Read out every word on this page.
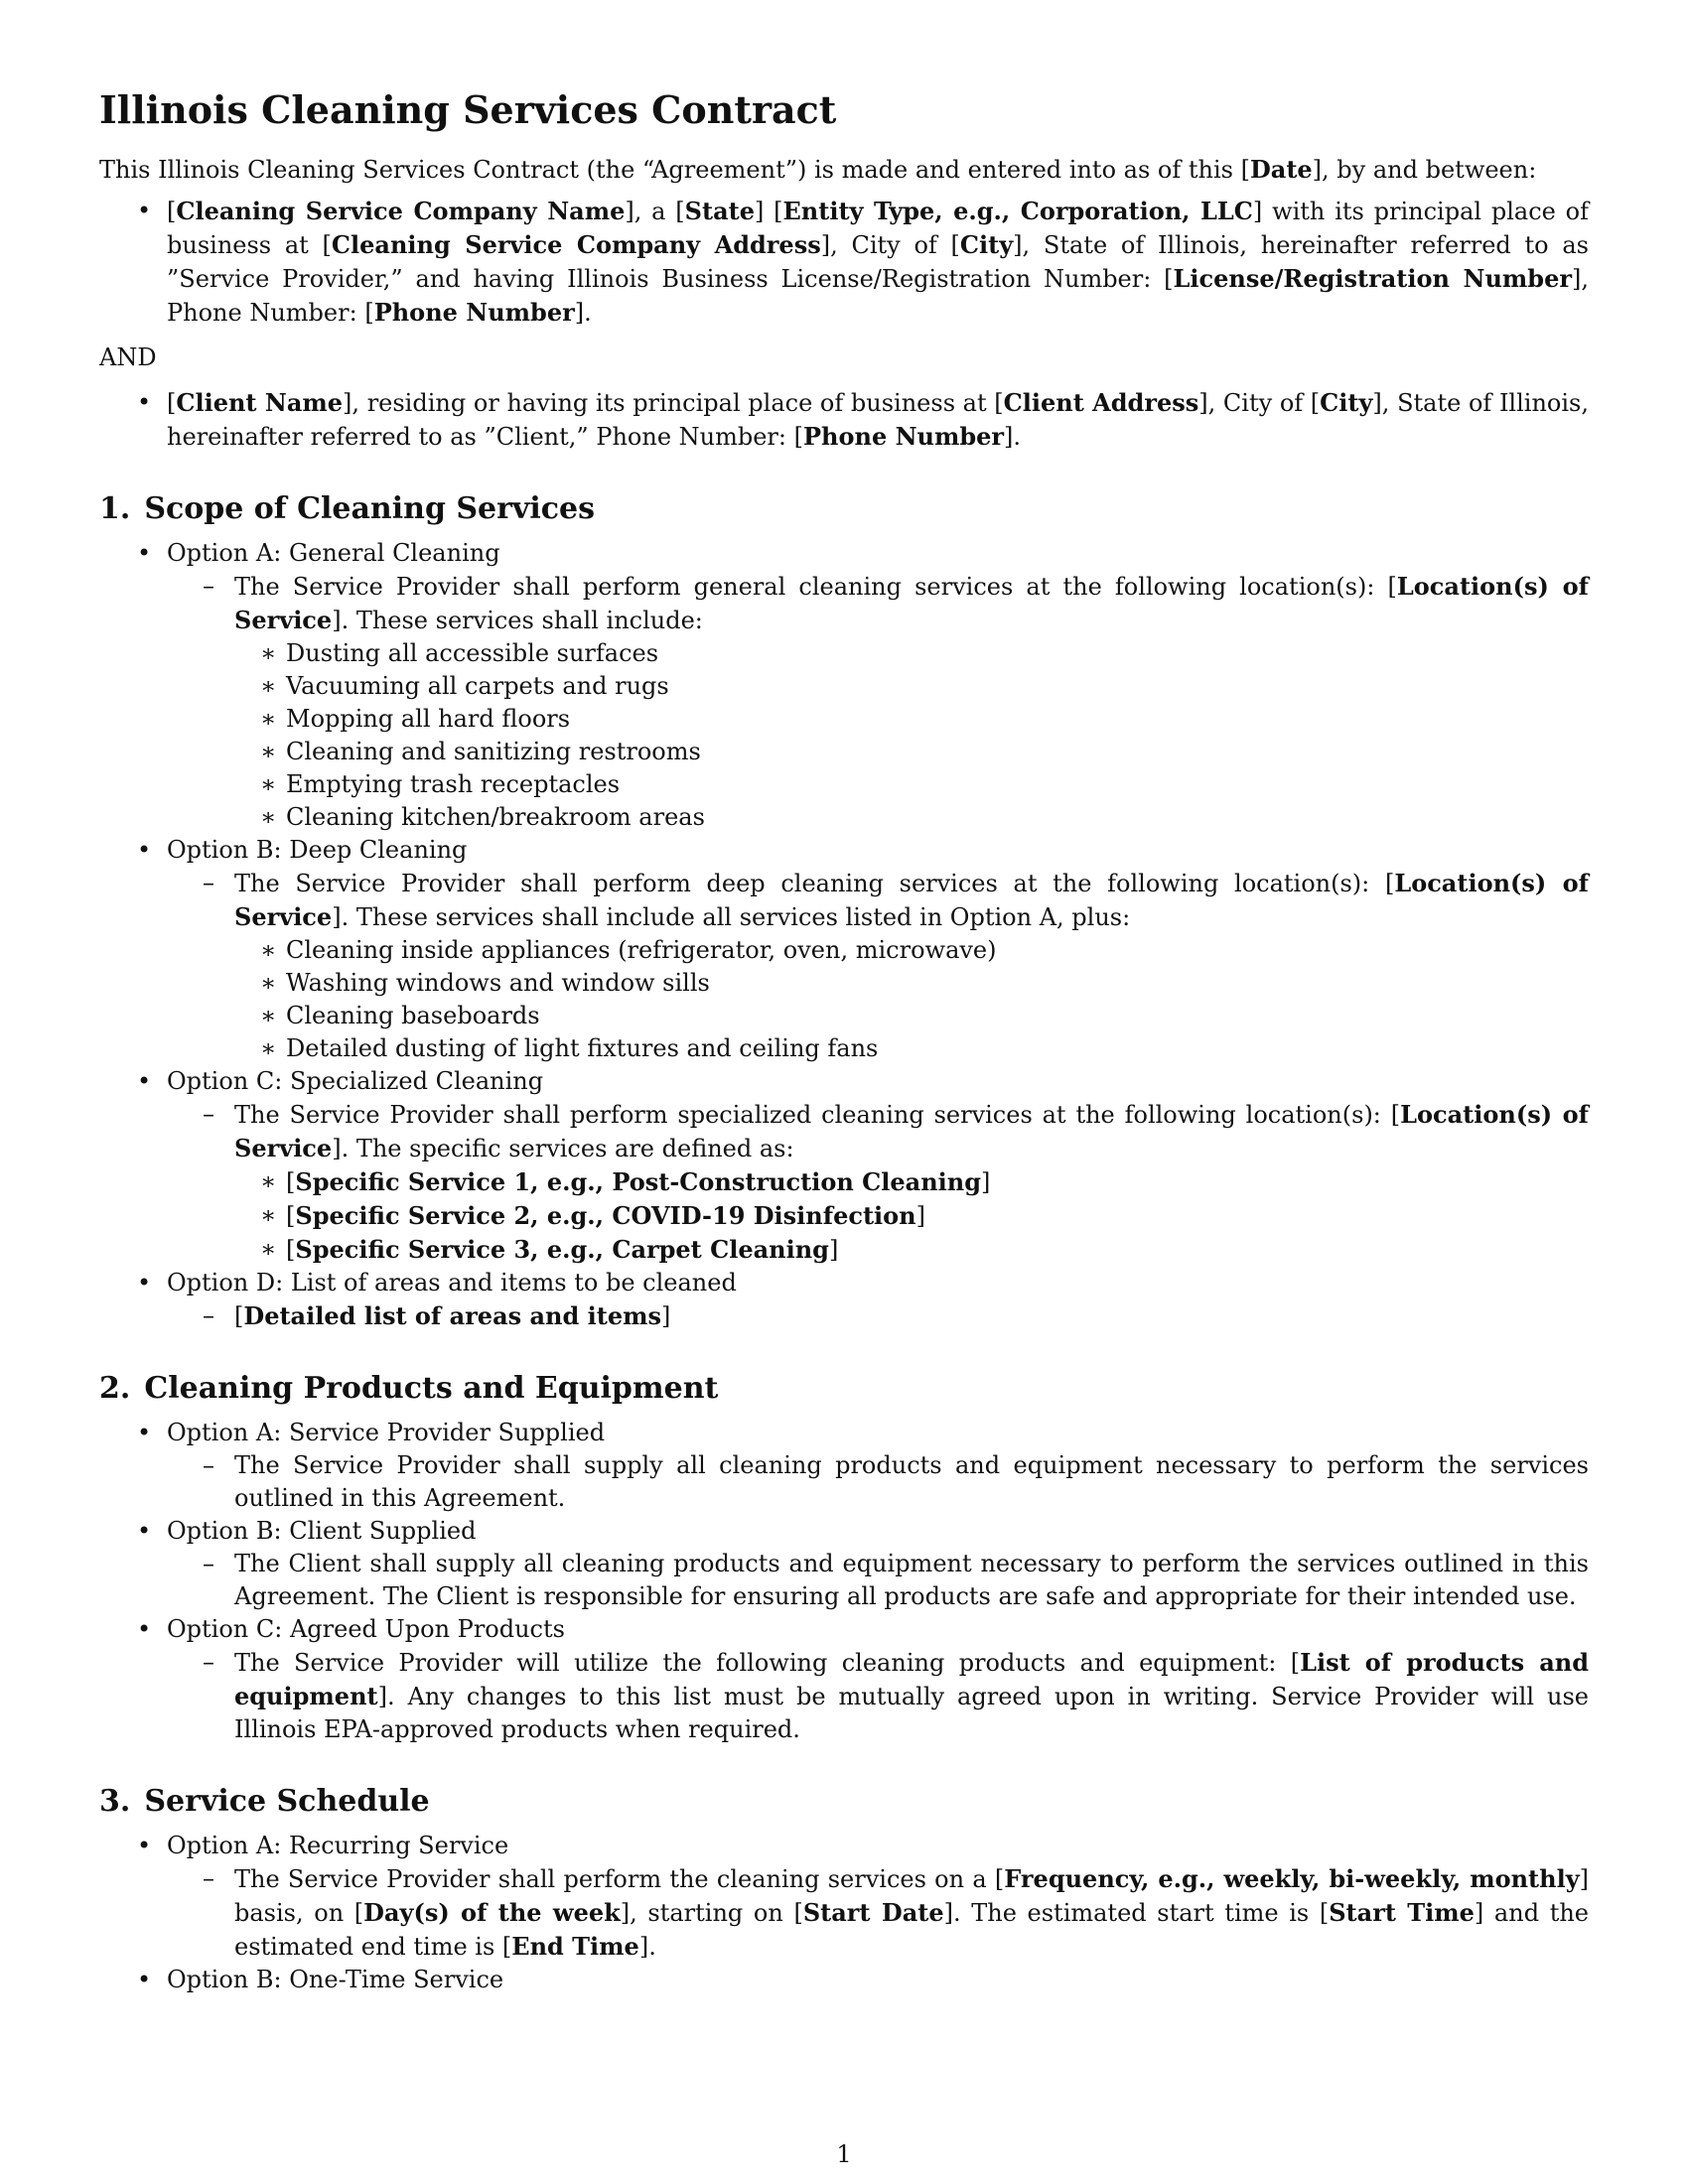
Illinois Cleaning Services Contract

This Illinois Cleaning Services Contract (the “Agreement”) is made and entered into as of this [Date], by and between:

• [Cleaning Service Company Name], a [State] [Entity Type, e.g., Corporation, LLC] with its principal place of business at [Cleaning Service Company Address], City of [City], State of Illinois, hereinafter referred to as ”Service Provider,” and having Illinois Business License/Registration Number: [License/Registration Number], Phone Number: [Phone Number].

AND

• [Client Name], residing or having its principal place of business at [Client Address], City of [City], State of Illinois, hereinafter referred to as ”Client,” Phone Number: [Phone Number].
1. Scope of Cleaning Services
• Option A: General Cleaning
– The Service Provider shall perform general cleaning services at the following location(s): [Location(s) of Service]. These services shall include:
∗ Dusting all accessible surfaces
∗ Vacuuming all carpets and rugs
∗ Mopping all hard floors
∗ Cleaning and sanitizing restrooms
∗ Emptying trash receptacles
∗ Cleaning kitchen/breakroom areas
• Option B: Deep Cleaning
– The Service Provider shall perform deep cleaning services at the following location(s): [Location(s) of Service]. These services shall include all services listed in Option A, plus:
∗ Cleaning inside appliances (refrigerator, oven, microwave)
∗ Washing windows and window sills
∗ Cleaning baseboards
∗ Detailed dusting of light fixtures and ceiling fans
• Option C: Specialized Cleaning
– The Service Provider shall perform specialized cleaning services at the following location(s): [Location(s) of Service]. The specific services are defined as:
∗ [Specific Service 1, e.g., Post-Construction Cleaning]
∗ [Specific Service 2, e.g., COVID-19 Disinfection]
∗ [Specific Service 3, e.g., Carpet Cleaning]
• Option D: List of areas and items to be cleaned
– [Detailed list of areas and items]
2. Cleaning Products and Equipment
• Option A: Service Provider Supplied
– The Service Provider shall supply all cleaning products and equipment necessary to perform the services outlined in this Agreement.
• Option B: Client Supplied
– The Client shall supply all cleaning products and equipment necessary to perform the services outlined in this Agreement. The Client is responsible for ensuring all products are safe and appropriate for their intended use.
• Option C: Agreed Upon Products
– The Service Provider will utilize the following cleaning products and equipment: [List of products and equipment]. Any changes to this list must be mutually agreed upon in writing. Service Provider will use Illinois EPA-approved products when required.
3. Service Schedule
• Option A: Recurring Service
– The Service Provider shall perform the cleaning services on a [Frequency, e.g., weekly, bi-weekly, monthly] basis, on [Day(s) of the week], starting on [Start Date]. The estimated start time is [Start Time] and the estimated end time is [End Time].
• Option B: One-Time Service
1
